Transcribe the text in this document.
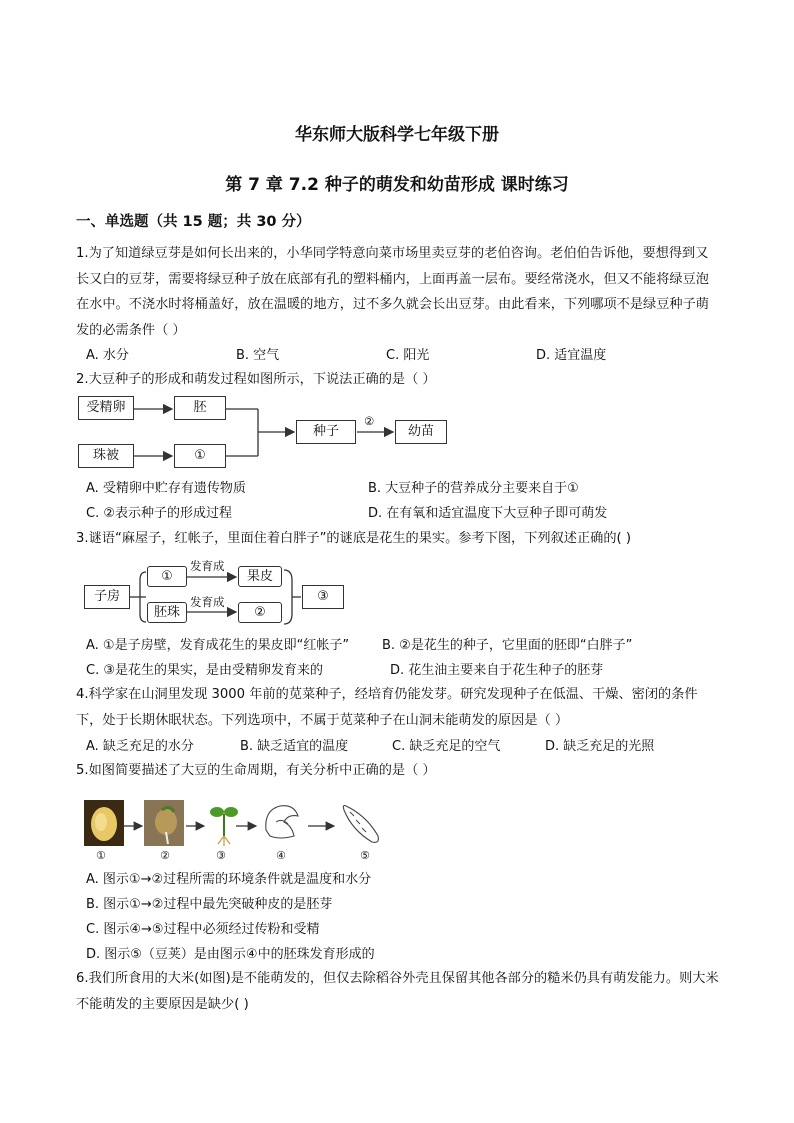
华东师大版科学七年级下册
第 7 章 7.2 种子的萌发和幼苗形成 课时练习
一、单选题（共 15 题；共 30 分）
1.为了知道绿豆芽是如何长出来的，小华同学特意向菜市场里卖豆芽的老伯咨询。老伯伯告诉他，要想得到又长又白的豆芽，需要将绿豆种子放在底部有孔的塑料桶内，上面再盖一层布。要经常浇水，但又不能将绿豆泡在水中。不浇水时将桶盖好，放在温暖的地方，过不多久就会长出豆芽。由此看来，下列哪项不是绿豆种子萌发的必需条件（ ）
A. 水分	B. 空气	C. 阳光	D. 适宜温度
2.大豆种子的形成和萌发过程如图所示，下说法正确的是（ ）
受精卵	胚
珠被	①
种子
②
幼苗
A. 受精卵中贮存有遗传物质	B. 大豆种子的营养成分主要来自于①
C. ②表示种子的形成过程	D. 在有氧和适宜温度下大豆种子即可萌发
3.谜语“麻屋子，红帐子，里面住着白胖子”的谜底是花生的果实。参考下图，下列叙述正确的( )
子房
①
胚珠
发育成
发育成
果皮
②
③
A. ①是子房壁，发育成花生的果皮即“红帐子”	B. ②是花生的种子，它里面的胚即“白胖子”
C. ③是花生的果实，是由受精卵发育来的	D. 花生油主要来自于花生种子的胚芽
4.科学家在山洞里发现 3000 年前的苋菜种子，经培育仍能发芽。研究发现种子在低温、干燥、密闭的条件下，处于长期休眠状态。下列选项中，不属于苋菜种子在山洞未能萌发的原因是（ ）
A. 缺乏充足的水分	B. 缺乏适宜的温度	C. 缺乏充足的空气	D. 缺乏充足的光照
5.如图简要描述了大豆的生命周期，有关分析中正确的是（ ）
①	②	③	④	⑤
A. 图示①→②过程所需的环境条件就是温度和水分
B. 图示①→②过程中最先突破种皮的是胚芽
C. 图示④→⑤过程中必须经过传粉和受精
D. 图示⑤（豆荚）是由图示④中的胚珠发育形成的
6.我们所食用的大米(如图)是不能萌发的，但仅去除稻谷外壳且保留其他各部分的糙米仍具有萌发能力。则大米不能萌发的主要原因是缺少( )
